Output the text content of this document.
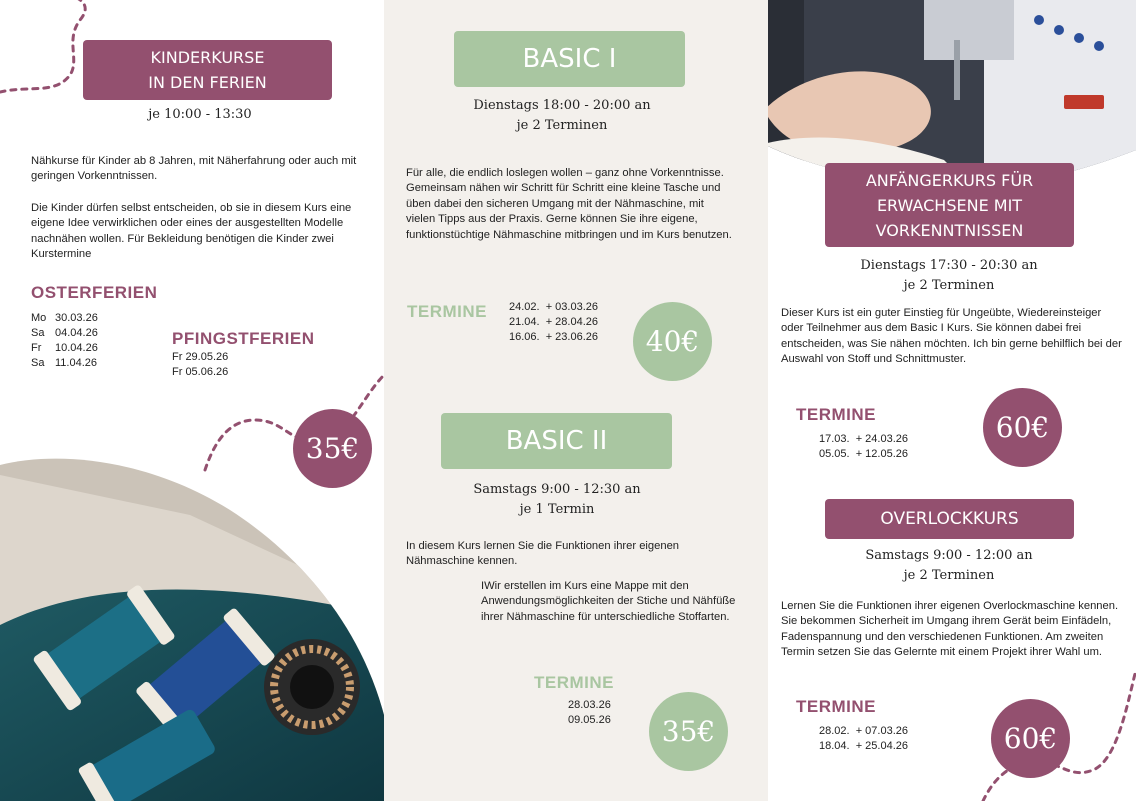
KINDERKURSE
IN DEN FERIEN
je 10:00 - 13:30
Nähkurse für Kinder ab 8 Jahren, mit Näherfahrung oder auch mit geringen Vorkenntnissen.
Die Kinder dürfen selbst entscheiden, ob sie in diesem Kurs eine eigene Idee verwirklichen oder eines der ausgestellten Modelle nachnähen wollen. Für Bekleidung benötigen die Kinder zwei Kurstermine
OSTERFERIEN
Mo 30.03.26
Sa 04.04.26
Fr 10.04.26
Sa 11.04.26
PFINGSTFERIEN
Fr 29.05.26
Fr 05.06.26
35€
BASIC I
Dienstags 18:00 - 20:00 an
je 2 Terminen
Für alle, die endlich loslegen wollen – ganz ohne Vorkenntnisse.
Gemeinsam nähen wir Schritt für Schritt eine kleine Tasche und üben dabei den sicheren Umgang mit der Nähmaschine, mit vielen Tipps aus der Praxis. Gerne können Sie ihre eigene, funktionstüchtige Nähmaschine mitbringen und im Kurs benutzen.
TERMINE 24.02.  + 03.03.26
21.04.  + 28.04.26
16.06.  + 23.06.26	40€
BASIC II
Samstags 9:00 - 12:30 an
je 1 Termin
In diesem Kurs lernen Sie die Funktionen ihrer eigenen Nähmaschine kennen.
IWir erstellen im Kurs eine Mappe mit den Anwendungsmöglichkeiten der Stiche und Nähfüße ihrer Nähmaschine für unterschiedliche Stoffarten.
TERMINE
28.03.26
09.05.26	35€
ANFÄNGERKURS FÜR
ERWACHSENE MIT
VORKENNTNISSEN
Dienstags 17:30 - 20:30 an
je 2 Terminen
Dieser Kurs ist ein guter Einstieg für Ungeübte, Wiedereinsteiger oder Teilnehmer aus dem Basic I Kurs. Sie können dabei frei entscheiden, was Sie nähen möchten. Ich bin gerne behilflich bei der Auswahl von Stoff und Schnittmuster.
TERMINE
17.03.  + 24.03.26
05.05.  + 12.05.26
60€
OVERLOCKKURS
Samstags 9:00 - 12:00 an
je 2 Terminen
Lernen Sie die Funktionen ihrer eigenen Overlockmaschine kennen. Sie bekommen Sicherheit im Umgang ihrem Gerät beim Einfädeln, Fadenspannung und den verschiedenen Funktionen. Am zweiten Termin setzen Sie das Gelernte mit einem Projekt ihrer Wahl um.
TERMINE
28.02.  + 07.03.26
18.04.  + 25.04.26	60€
